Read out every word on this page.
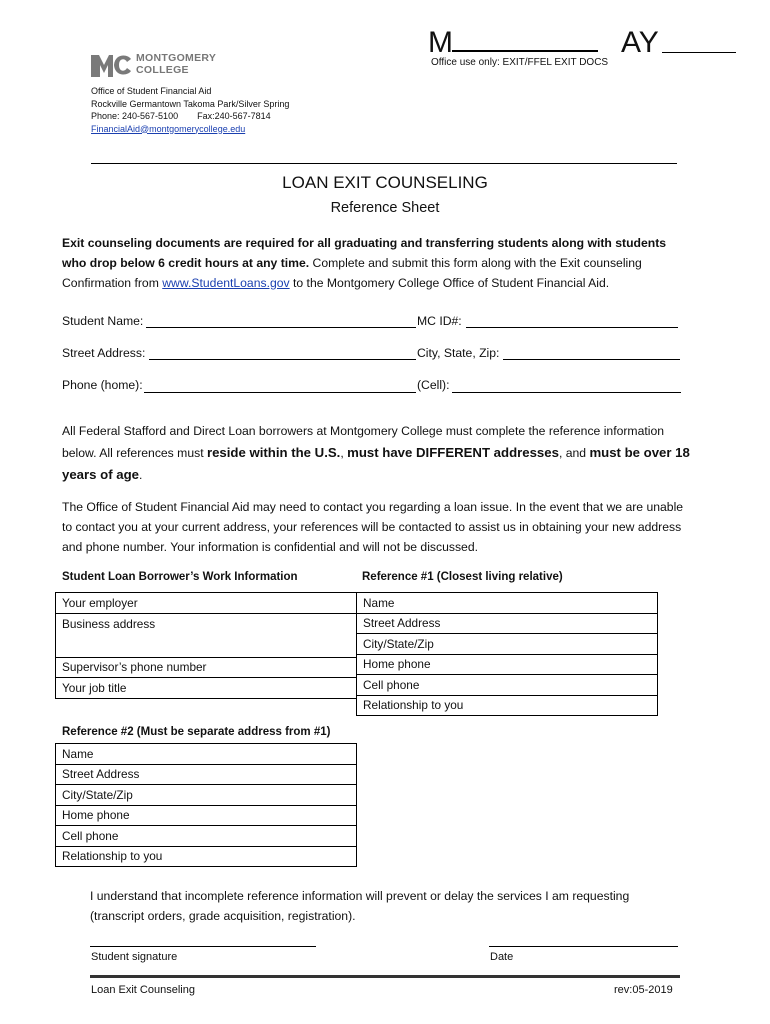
M	AY
Office use only: EXIT/FFEL EXIT DOCS
MONTGOMERY
COLLEGE
Office of Student Financial Aid
Rockville Germantown Takoma Park/Silver Spring
Phone: 240-567-5100 Fax:240-567-7814
FinancialAid@montgomerycollege.edu
LOAN EXIT COUNSELING
Reference Sheet
Exit counseling documents are required for all graduating and transferring students along with students who drop below 6 credit hours at any time. Complete and submit this form along with the Exit counseling Confirmation from www.StudentLoans.gov to the Montgomery College Office of Student Financial Aid.
Student Name:	MC ID#:
Street Address:	City, State, Zip:
Phone (home):	(Cell):
All Federal Stafford and Direct Loan borrowers at Montgomery College must complete the reference information below. All references must reside within the U.S., must have DIFFERENT addresses, and must be over 18 years of age.
The Office of Student Financial Aid may need to contact you regarding a loan issue. In the event that we are unable to contact you at your current address, your references will be contacted to assist us in obtaining your new address and phone number. Your information is confidential and will not be discussed.
Student Loan Borrower’s Work Information	Reference #1 (Closest living relative)
Your employer
Business address
Supervisor’s phone number
Your job title
Name
Street Address
City/State/Zip
Home phone
Cell phone
Relationship to you
Reference #2 (Must be separate address from #1)
Name
Street Address
City/State/Zip
Home phone
Cell phone
Relationship to you
I understand that incomplete reference information will prevent or delay the services I am requesting (transcript orders, grade acquisition, registration).
Student signature	Date
Loan Exit Counseling	rev:05-2019
